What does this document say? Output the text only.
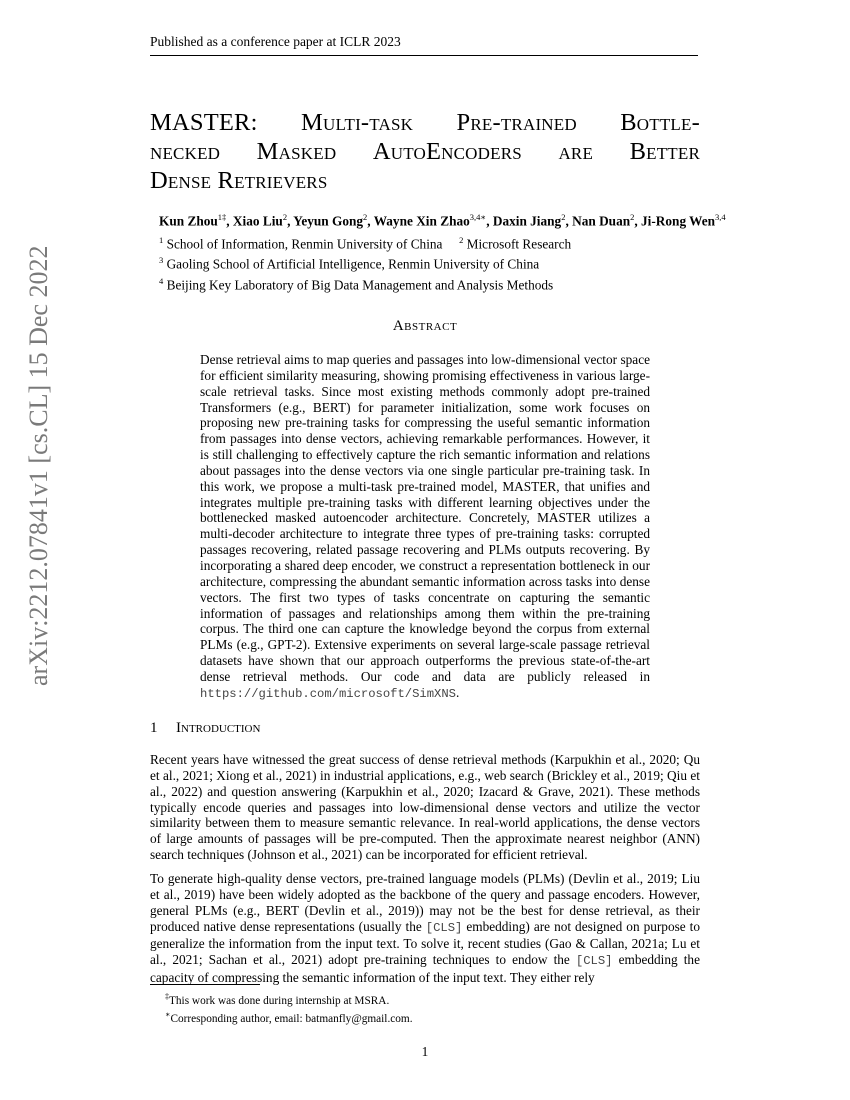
Published as a conference paper at ICLR 2023
arXiv:2212.07841v1 [cs.CL] 15 Dec 2022
MASTER: Multi-task Pre-trained Bottle-
necked Masked AutoEncoders are Better
Dense
Retrievers
Kun Zhou$^{1\ddagger}$, Xiao Liu$^2$, Yeyun Gong$^2$, Wayne Xin Zhao$^{3,4∗}$, Daxin Jiang$^2$, Nan Duan$^2$, Ji-Rong Wen$^{3,4}$
$^1$ School of Information, Renmin University of China $^2$ Microsoft Research
$^3$ Gaoling School of Artificial Intelligence, Renmin University of China
$^4$ Beijing Key Laboratory of Big Data Management and Analysis Methods
Abstract
Dense retrieval aims to map queries and passages into low-dimensional vector space for efficient similarity measuring, showing promising effectiveness in various large-scale retrieval tasks. Since most existing methods commonly adopt pre-trained Transformers (e.g., BERT) for parameter initialization, some work focuses on proposing new pre-training tasks for compressing the useful semantic information from passages into dense vectors, achieving remarkable performances. However, it is still challenging to effectively capture the rich semantic information and relations about passages into the dense vectors via one single particular pre-training task. In this work, we propose a multi-task pre-trained model, MASTER, that unifies and integrates multiple pre-training tasks with different learning objectives under the bottlenecked masked autoencoder architecture. Concretely, MASTER utilizes a multi-decoder architecture to integrate three types of pre-training tasks: corrupted passages recovering, related passage recovering and PLMs outputs recovering. By incorporating a shared deep encoder, we construct a representation bottleneck in our architecture, compressing the abundant semantic information across tasks into dense vectors. The first two types of tasks concentrate on capturing the semantic information of passages and relationships among them within the pre-training corpus. The third one can capture the knowledge beyond the corpus from external PLMs (e.g., GPT-2). Extensive experiments on several large-scale passage retrieval datasets have shown that our approach outperforms the previous state-of-the-art dense retrieval methods. Our code and data are publicly released in https://github.com/microsoft/SimXNS.
1 Introduction
Recent years have witnessed the great success of dense retrieval methods (Karpukhin et al., 2020; Qu et al., 2021; Xiong et al., 2021) in industrial applications, e.g., web search (Brickley et al., 2019; Qiu et al., 2022) and question answering (Karpukhin et al., 2020; Izacard & Grave, 2021). These methods typically encode queries and passages into low-dimensional dense vectors and utilize the vector similarity between them to measure semantic relevance. In real-world applications, the dense vectors of large amounts of passages will be pre-computed. Then the approximate nearest neighbor (ANN) search techniques (Johnson et al., 2021) can be incorporated for efficient retrieval.
To generate high-quality dense vectors, pre-trained language models (PLMs) (Devlin et al., 2019; Liu et al., 2019) have been widely adopted as the backbone of the query and passage encoders. However, general PLMs (e.g., BERT (Devlin et al., 2019)) may not be the best for dense retrieval, as their produced native dense representations (usually the [CLS] embedding) are not designed on purpose to generalize the information from the input text. To solve it, recent studies (Gao & Callan, 2021a; Lu et al., 2021; Sachan et al., 2021) adopt pre-training techniques to endow the [CLS] embedding the capacity of compressing the semantic information of the input text. They either rely
‡This work was done during internship at MSRA.
∗Corresponding author, email: batmanfly@gmail.com.
1
